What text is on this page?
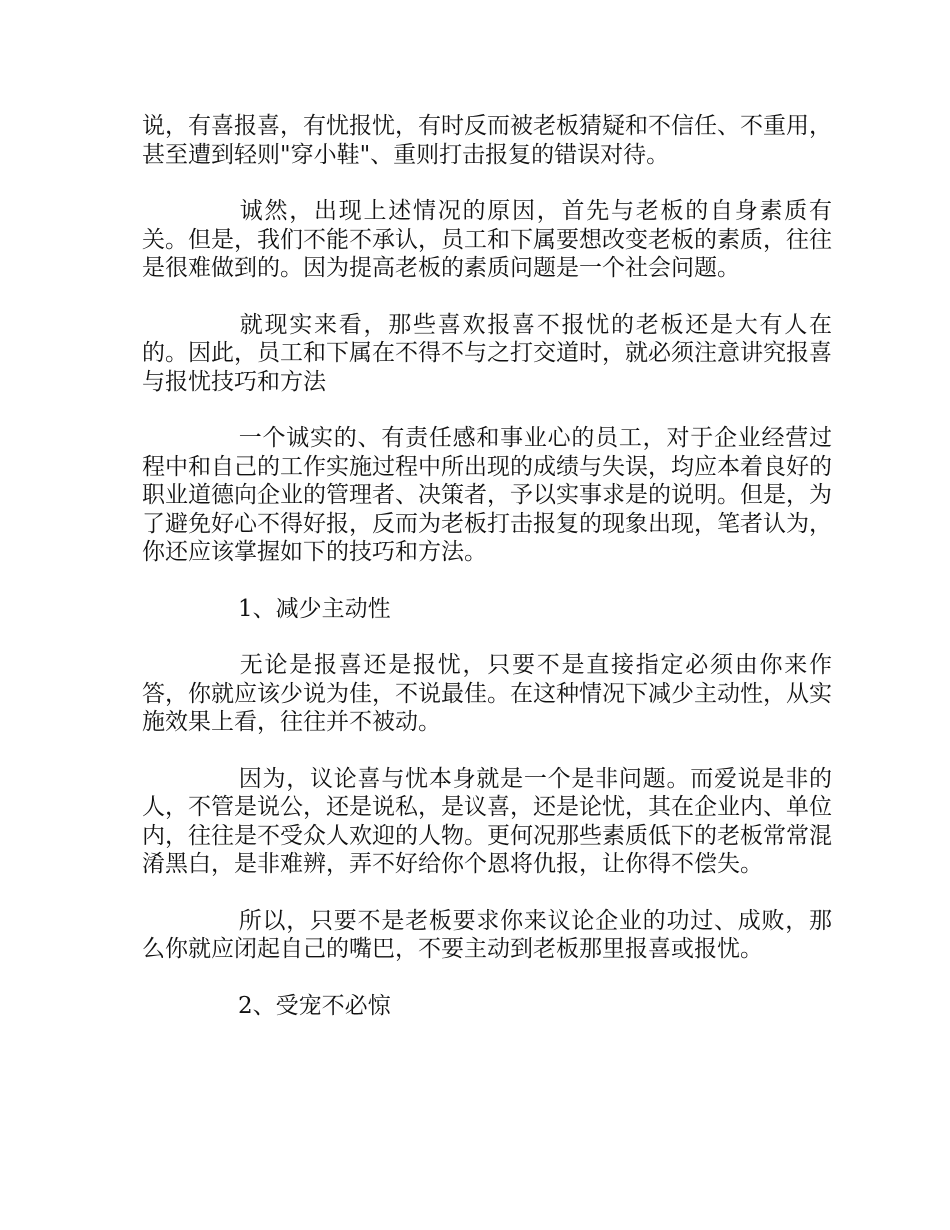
说，有喜报喜，有忧报忧，有时反而被老板猜疑和不信任、不重用，甚至遭到轻则"穿小鞋"、重则打击报复的错误对待。

诚然，出现上述情况的原因，首先与老板的自身素质有关。但是，我们不能不承认，员工和下属要想改变老板的素质，往往是很难做到的。因为提高老板的素质问题是一个社会问题。

就现实来看，那些喜欢报喜不报忧的老板还是大有人在的。因此，员工和下属在不得不与之打交道时，就必须注意讲究报喜与报忧技巧和方法

一个诚实的、有责任感和事业心的员工，对于企业经营过程中和自己的工作实施过程中所出现的成绩与失误，均应本着良好的职业道德向企业的管理者、决策者，予以实事求是的说明。但是，为了避免好心不得好报，反而为老板打击报复的现象出现，笔者认为，你还应该掌握如下的技巧和方法。

1、减少主动性

无论是报喜还是报忧，只要不是直接指定必须由你来作答，你就应该少说为佳，不说最佳。在这种情况下减少主动性，从实施效果上看，往往并不被动。

因为，议论喜与忧本身就是一个是非问题。而爱说是非的人，不管是说公，还是说私，是议喜，还是论忧，其在企业内、单位内，往往是不受众人欢迎的人物。更何况那些素质低下的老板常常混淆黑白，是非难辨，弄不好给你个恩将仇报，让你得不偿失。

所以，只要不是老板要求你来议论企业的功过、成败，那么你就应闭起自己的嘴巴，不要主动到老板那里报喜或报忧。

2、受宠不必惊
